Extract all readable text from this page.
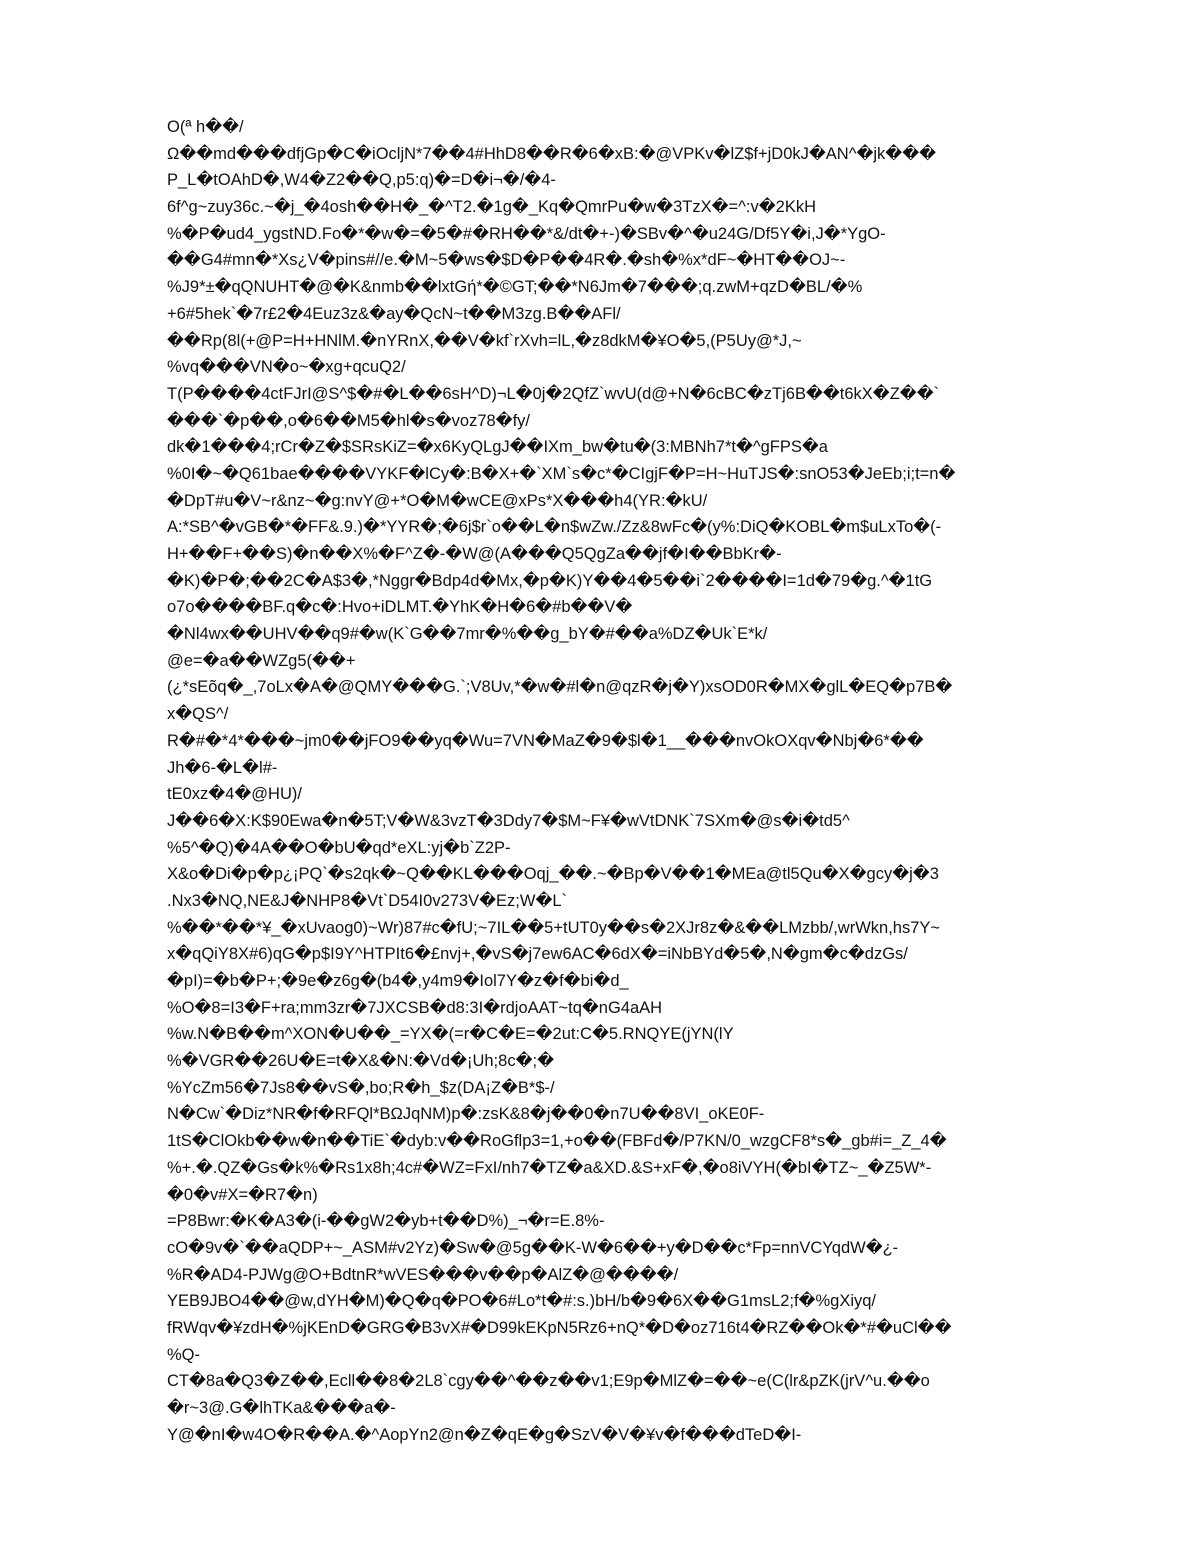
O(ª h��/
Ω��md���dfjGp�C�iOcljN*7��4#HhD8��R�6�xB:�@VPKv�lZ$f+jD0kJ�AN^�jk���
P_L�tOAhD�,W4�Z2��Q,p5:q)�=D�i¬�/�4-
6f^g~zuy36c.~�j_�4osh��H�_�^T2.�1g�_Kq�QmrPu�w�3TzX�=^:v�2KkH
%�P�ud4_ygstND.Fo�*�w�=�5�#�RH��*&/dt�+-)�SBv�^�u24G/Df5Y�i,J�*YgO-
��G4#mn�*Xs¿V�pins#//e.�M~5�ws�$D�P��4R�.�sh�%x*dF~�HT��OJ~-
%J9*±�qQNUHT�@�K&nmb��lxtGή*�©GT;��*N6Jm�7���;q.zwM+qzD�BL/�%
+6#5hek`�7r£2�4Euz3z&�ay�QcN~t��M3zg.B��AFl/
��Rp(8l(+@P=H+HNlM.�nYRnX,��V�kf`rXvh=lL,�z8dkM�¥O�5,(P5Uy@*J,~
%vq���VN�o~�xg+qcuQ2/
T(P����4ctFJrI@S^$�#�L��6sH^D)¬L�0j�2QfZ`wvU(d@+N�6cBC�zTj6B��t6kX�Z��`
���`�p��,o�6��M5�hl�s�voz78�fy/
dk�1���4;rCr�Z�$SRsKiZ=�x6KyQLgJ��IXm_bw�tu�(3:MBNh7*t�^gFPS�a
%0I�~�Q61bae����VYKF�lCy�:B�X+�`XM`s�c*�CIgjF�P=H~HuTJS�:snO53�JeEb;i;t=n�
�DpT#u�V~r&nz~�g:nvY@+*O�M�wCE@xPs*X���h4(YR:�kU/
A:*SB^�vGB�*�FF&.9.)�*YYR�;�6j$r`o��L�n$wZw./Zz&8wFc�(y%:DiQ�KOBL�m$uLxTo�(-
H+��F+��S)�n��X%�F^Z�-�W@(A���Q5QgZa��jf�I��BbKr�-
�K)�P�;��2C�A$3�,*Nggr�Bdp4d�Mx,�p�K)Y��4�5��i`2����I=1d�79�g.^�1tG
o7o����BF.q�c�:Hvo+iDLMT.�YhK�H�6�#b��V�
�Nl4wx��UHV��q9#�w(K`G��7mr�%��g_bY�#��a%DZ�Uk`E*k/
@e=�a��WZg5(��+
(¿*sEõq�_,7oLx�A�@QMY���G.`;V8Uv,*�w�#l�n@qzR�j�Y)xsOD0R�MX�glL�EQ�p7B�
x�QS^/
R�#�*4*���~jm0��jFO9��yq�Wu=7VN�MaZ�9�$l�1__���nvOkOXqv�Nbj�6*��
Jh�6-�L�l#-
tE0xz�4�@HU)/
J��6�X:K$90Ewa�n�5T;V�W&3vzT�3Ddy7�$M~F¥�wVtDNK`7SXm�@s�i�td5^
%5^�Q)�4A��O�bU�qd*eXL:yj�b`Z2P-
X&o�Di�p�p¿¡PQ`�s2qk�~Q��KL���Oqj_��.~�Bp�V��1�MEa@tl5Qu�X�gcy�j�3
.Nx3�NQ,NE&J�NHP8�Vt`D54I0v273V�Ez;W�L`
%��*��*¥_�xUvaog0)~Wr)87#c�fU;~7IL��5+tUT0y��s�2XJr8z�&��LMzbb/,wrWkn,hs7Y~
x�qQiY8X#6)qG�p$I9Y^HTPIt6�£nvj+,�vS�j7ew6AC�6dX�=iNbBYd�5�,N�gm�c�dzGs/
�pI)=�b�P+;�9e�z6g�(b4�,y4m9�Iol7Y�z�f�bi�d_
%O�8=I3�F+ra;mm3zr�7JXCSB�d8:3I�rdjoAAT~tq�nG4aAH
%w.N�B��m^XON�U��_=YX�(=r�C�E=�2ut:C�5.RNQYE(jYN(lY
%�VGR��26U�E=t�X&�N:�Vd�¡Uh;8c�;�
%YcZm56�7Js8��vS�,bo;R�h_$z(DA¡Z�B*$-/
N�Cw`�Diz*NR�f�RFQl*BΩJqNM)p�:zsK&8�j��0�n7U��8VI_oKE0F-
1tS�ClOkb��w�n��TiE`�dyb:v��RoGflp3=1,+o��(FBFd�/P7KN/0_wzgCF8*s�_gb#i=_Z_4�
%+.�.QZ�Gs�k%�Rs1x8h;4c#�WZ=FxI/nh7�TZ�a&XD.&S+xF�,�o8iVYH(�bI�TZ~_�Z5W*-
�0�v#X=�R7�n)
=P8Bwr:�K�A3�(i-��gW2�yb+t��D%)_¬�r=E.8%-
cO�9v�`��aQDP+~_ASM#v2Yz)�Sw�@5g��K-W�6��+y�D��c*Fp=nnVCYqdW�¿-
%R�AD4-PJWg@O+BdtnR*wVES���v��p�AlZ�@����/
YEB9JBO4��@w,dYH�M)�Q�q�PO�6#Lo*t�#:s.)bH/b�9�6X��G1msL2;f�%gXiyq/
fRWqv�¥zdH�%jKEnD�GRG�B3vX#�D99kEKpN5Rz6+nQ*�D�oz716t4�RZ��Ok�*#�uCl��
%Q-
CT�8a�Q3�Z��,Ecll��8�2L8`cgy��^��z��v1;E9p�MlZ�=��~e(C(lr&pZK(jrV^u.��o
�r~3@.G�lhTKa&���a�-
Y@�nI�w4O�R��A.�^AopYn2@n�Z�qE�g�SzV�V�¥v�f���dTeD�I-
